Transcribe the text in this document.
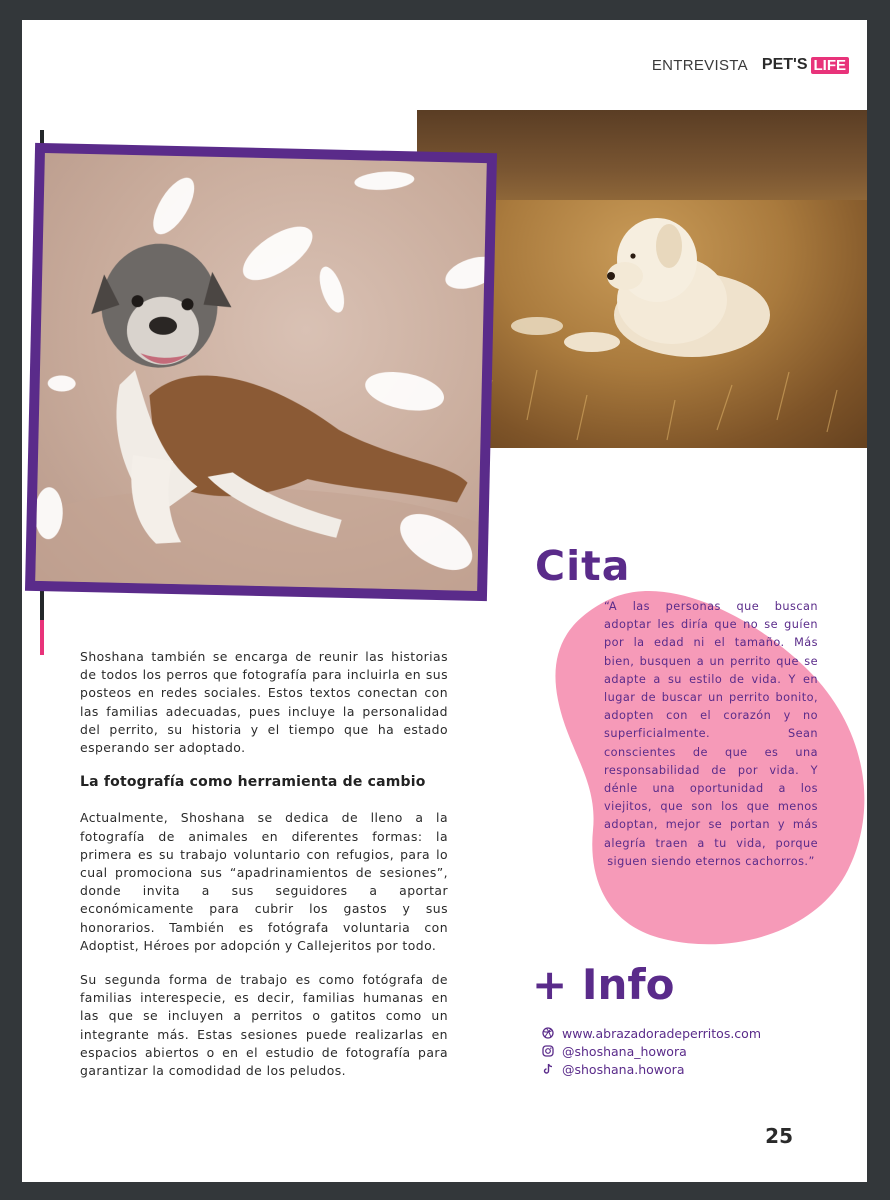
ENTREVISTA PET'S LIFE

Shoshana también se encarga de reunir las historias de todos los perros que fotografía para incluirla en sus posteos en redes sociales. Estos textos conectan con las familias adecuadas, pues incluye la personalidad del perrito, su historia y el tiempo que ha estado esperando ser adoptado.

La fotografía como herramienta de cambio

Actualmente, Shoshana se dedica de lleno a la fotografía de animales en diferentes formas: la primera es su trabajo voluntario con refugios, para lo cual promociona sus “apadrinamientos de sesiones”, donde invita a sus seguidores a aportar económicamente para cubrir los gastos y sus honorarios. También es fotógrafa voluntaria con Adoptist, Héroes por adopción y Callejeritos por todo.

Su segunda forma de trabajo es como fotógrafa de familias interespecie, es decir, familias humanas en las que se incluyen a perritos o gatitos como un integrante más. Estas sesiones puede realizarlas en espacios abiertos o en el estudio de fotografía para garantizar la comodidad de los peludos.

Cita
“A las personas que buscan adoptar les diría que no se guíen por la edad ni el tamaño. Más bien, busquen a un perrito que se adapte a su estilo de vida. Y en lugar de buscar un perrito bonito, adopten con el corazón y no superficialmente. Sean conscientes de que es una responsabilidad de por vida. Y dénle una oportunidad a los viejitos, que son los que menos adoptan, mejor se portan y más alegría traen a tu vida, porque siguen siendo eternos cachorros.”
+ Info
www.abrazadoradeperritos.com
@shoshana_howora
@shoshana.howora
25
